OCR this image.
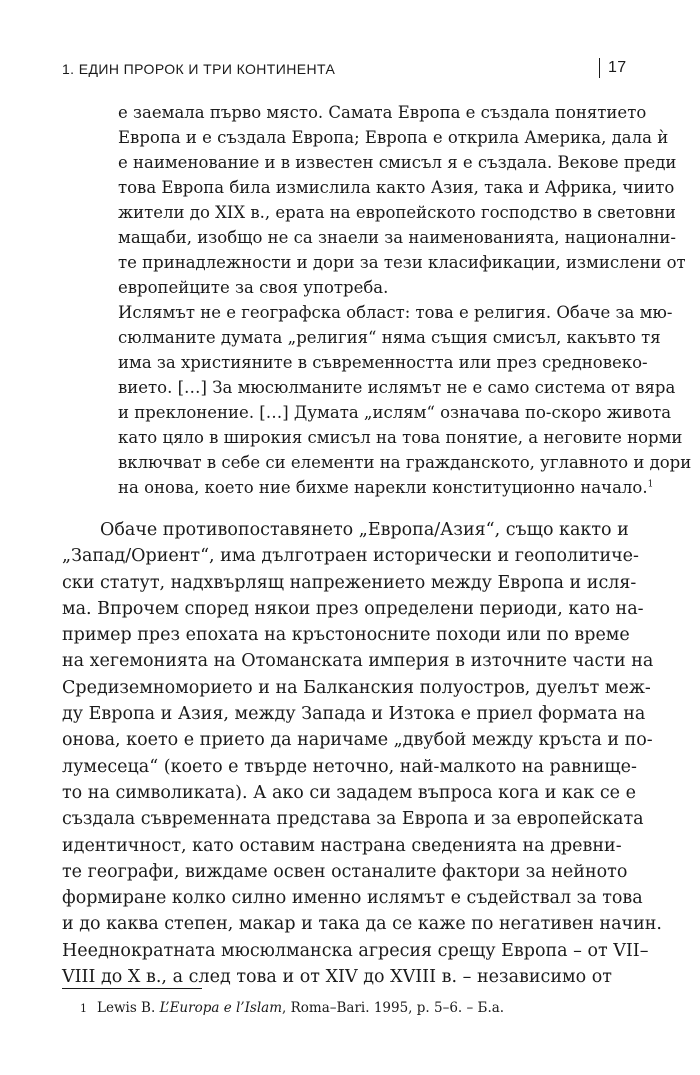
1. ЕДИН ПРОРОК И ТРИ КОНТИНЕНТА	17
е заемала първо място. Самата Европа е създала понятието
Европа и е създала Европа; Европа е открила Америка, дала ѝ
е наименование и в известен смисъл я е създала. Векове преди
това Европа била измислила както Азия, така и Африка, чиито
жители до XIX в., ерата на европейското господство в световни
мащаби, изобщо не са знаели за наименованията, национални-
те принадлежности и дори за тези класификации, измислени от
европейците за своя употреба.
Ислямът не е географска област: това е религия. Обаче за мю-
сюлманите думата „религия“ няма същия смисъл, какъвто тя
има за християните в съвременността или през средновеко-
вието. […] За мюсюлманите ислямът не е само система от вяра
и преклонение. […] Думата „ислям“ означава по-скоро живота
като цяло в широкия смисъл на това понятие, а неговите норми
включват в себе си елементи на гражданското, углавното и дори
на онова, което ние бихме нарекли конституционно начало.$^1$
Обаче противопоставянето „Европа/Азия“, също както и
„Запад/Ориент“, има дълготраен исторически и геополитиче-
ски статут, надхвърлящ напрежението между Европа и исля-
ма. Впрочем според някои през определени периоди, като на-
пример през епохата на кръстоносните походи или по време
на хегемонията на Отоманската империя в източните части на
Средиземноморието и на Балканския полуостров, дуелът меж-
ду Европа и Азия, между Запада и Изтока е приел формата на
онова, което е прието да наричаме „двубой между кръста и по-
лумесеца“ (което е твърде неточно, най-малкото на равнище-
то на символиката). А ако си зададем въпроса кога и как се е
създала съвременната представа за Европа и за европейската
идентичност, като оставим настрана сведенията на древни-
те географи, виждаме освен останалите фактори за нейното
формиране колко силно именно ислямът е съдействал за това
и до каква степен, макар и така да се каже по негативен начин.
Нееднократната мюсюлманска агресия срещу Европа – от VII–
VIII до X в., а след това и от XIV до XVIII в. – независимо от
1 Lewis B. L’Europa e l’Islam, Roma–Bari. 1995, p. 5–6. – Б.а.
